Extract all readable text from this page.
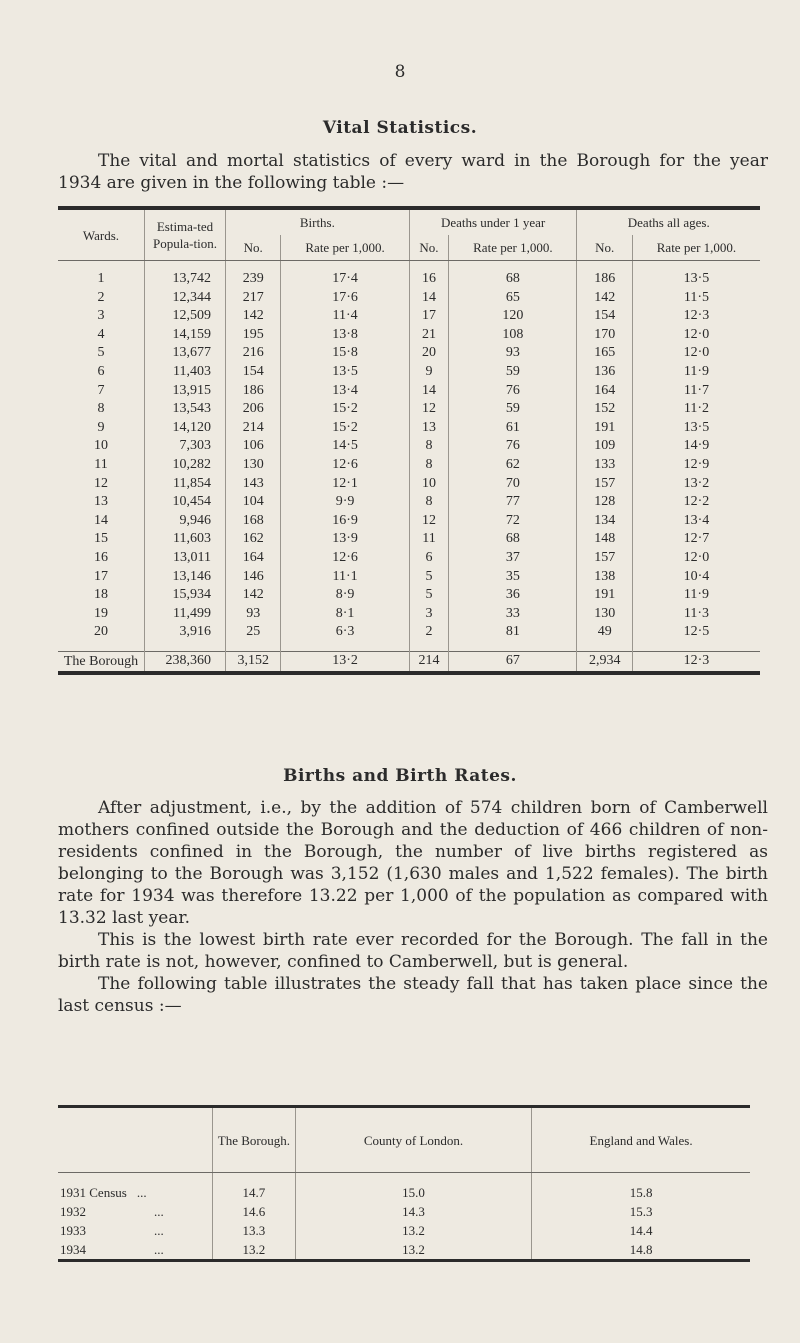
8
Vital Statistics.

The vital and mortal statistics of every ward in the Borough for the year 1934 are given in the following table :—

Wards.	Estima-ted Popula-tion.	Births.		Deaths under 1 year		Deaths all ages.	
		No.	Rate per 1,000.	No.	Rate per 1,000.	No.	Rate per 1,000.

1	13,742	239	17·4	16	68	186	13·5
2	12,344	217	17·6	14	65	142	11·5
3	12,509	142	11·4	17	120	154	12·3
4	14,159	195	13·8	21	108	170	12·0
5	13,677	216	15·8	20	93	165	12·0
6	11,403	154	13·5	9	59	136	11·9
7	13,915	186	13·4	14	76	164	11·7
8	13,543	206	15·2	12	59	152	11·2
9	14,120	214	15·2	13	61	191	13·5
10	7,303	106	14·5	8	76	109	14·9
11	10,282	130	12·6	8	62	133	12·9
12	11,854	143	12·1	10	70	157	13·2
13	10,454	104	9·9	8	77	128	12·2
14	9,946	168	16·9	12	72	134	13·4
15	11,603	162	13·9	11	68	148	12·7
16	13,011	164	12·6	6	37	157	12·0
17	13,146	146	11·1	5	35	138	10·4
18	15,934	142	8·9	5	36	191	11·9
19	11,499	93	8·1	3	33	130	11·3
20	3,916	25	6·3	2	81	49	12·5

The Borough	238,360	3,152	13·2	214	67	2,934	12·3
Births and Birth Rates.

After adjustment, i.e., by the addition of 574 children born of Camberwell mothers confined outside the Borough and the deduction of 466 children of non-residents confined in the Borough, the number of live births registered as belonging to the Borough was 3,152 (1,630 males and 1,522 females). The birth rate for 1934 was therefore 13.22 per 1,000 of the population as compared with 13.32 last year.

This is the lowest birth rate ever recorded for the Borough. The fall in the birth rate is not, however, confined to Camberwell, but is general.

The following table illustrates the steady fall that has taken place since the last census :—

	The Borough.	County of London.	England and Wales.

1931 Census ...	14.7	15.0	15.8
1932 ...	14.6	14.3	15.3
1933 ...	13.3	13.2	14.4
1934 ...	13.2	13.2	14.8
